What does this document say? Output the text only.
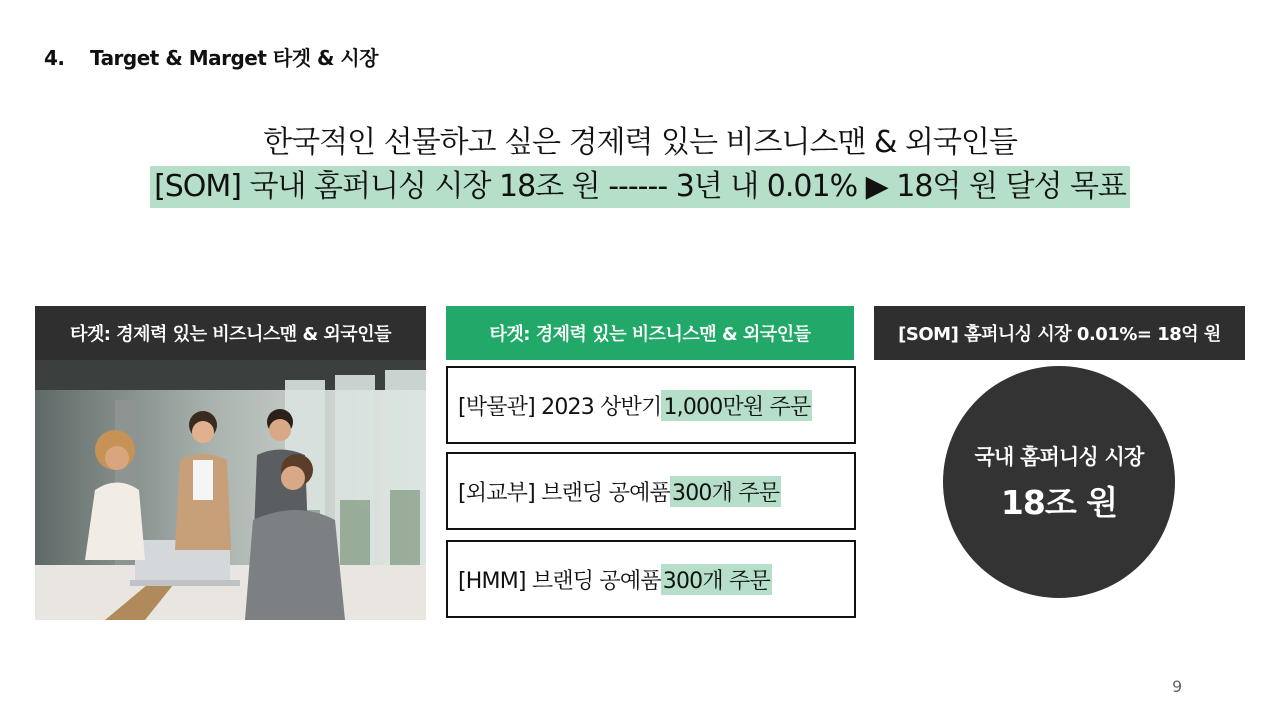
4. Target & Marget 타겟 & 시장
한국적인 선물하고 싶은 경제력 있는 비즈니스맨 & 외국인들
[SOM] 국내 홈퍼니싱 시장 18조 원 ------ 3년 내 0.01% ▶ 18억 원 달성 목표
타겟: 경제력 있는 비즈니스맨 & 외국인들	타겟: 경제력 있는 비즈니스맨 & 외국인들
[박물관] 2023 상반기 1,000만원 주문
[외교부] 브랜딩 공예품 300개 주문
[HMM] 브랜딩 공예품 300개 주문
[SOM] 홈퍼니싱 시장 0.01%= 18억 원
국내 홈퍼니싱 시장
18조 원
9
